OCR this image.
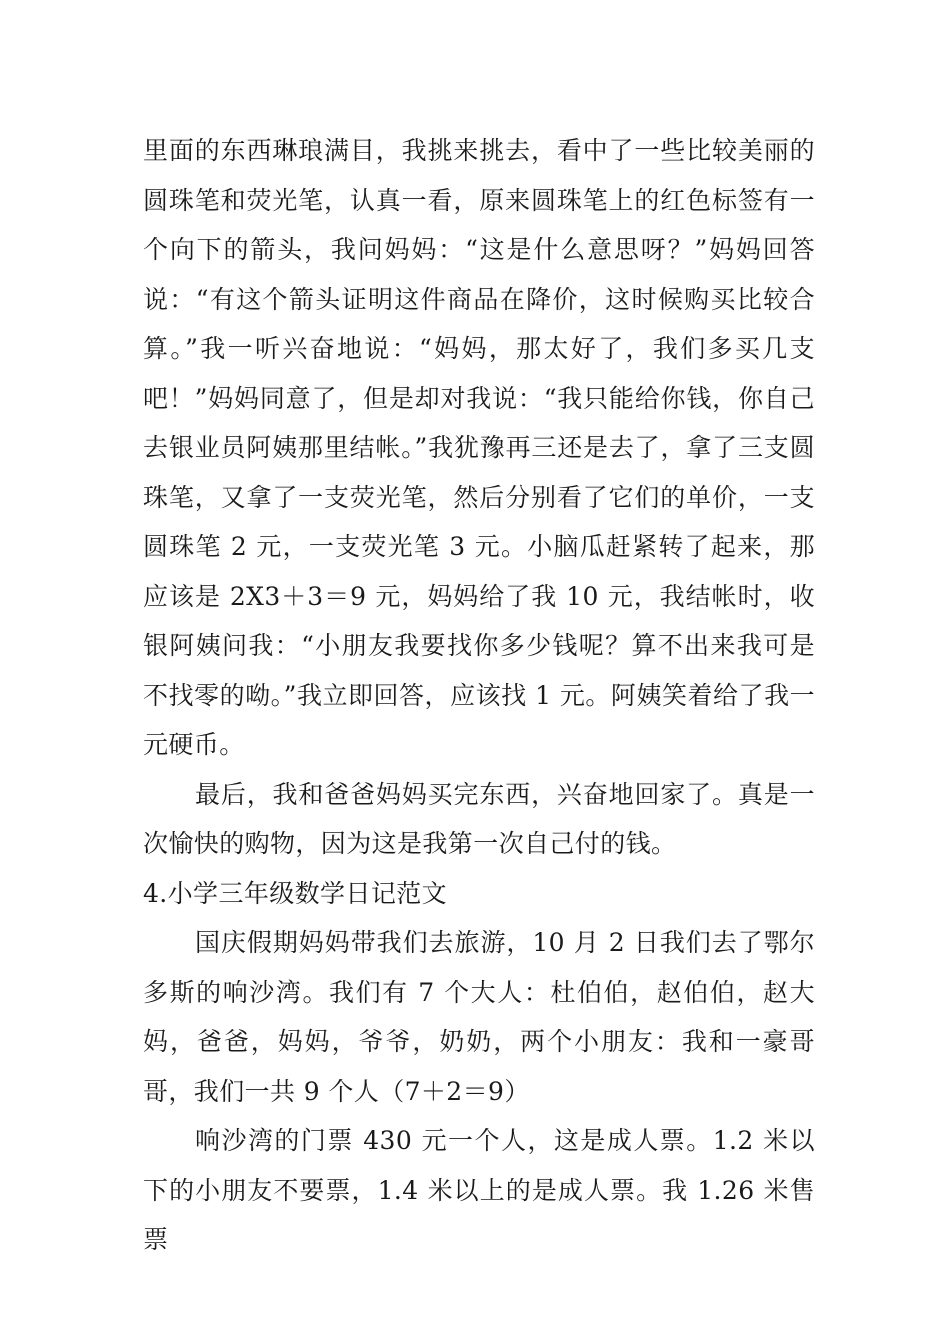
里面的东西琳琅满目，我挑来挑去，看中了一些比较美丽的圆珠笔和荧光笔，认真一看，原来圆珠笔上的红色标签有一个向下的箭头，我问妈妈：“这是什么意思呀？”妈妈回答说：“有这个箭头证明这件商品在降价，这时候购买比较合算。”我一听兴奋地说：“妈妈，那太好了，我们多买几支吧！”妈妈同意了，但是却对我说：“我只能给你钱，你自己去银业员阿姨那里结帐。”我犹豫再三还是去了，拿了三支圆珠笔，又拿了一支荧光笔，然后分别看了它们的单价，一支圆珠笔 2 元，一支荧光笔 3 元。小脑瓜赶紧转了起来，那应该是 2X3＋3＝9 元，妈妈给了我 10 元，我结帐时，收银阿姨问我：“小朋友我要找你多少钱呢？算不出来我可是不找零的呦。”我立即回答，应该找 1 元。阿姨笑着给了我一元硬币。

最后，我和爸爸妈妈买完东西，兴奋地回家了。真是一次愉快的购物，因为这是我第一次自己付的钱。

4.小学三年级数学日记范文

国庆假期妈妈带我们去旅游，10 月 2 日我们去了鄂尔多斯的响沙湾。我们有 7 个大人：杜伯伯，赵伯伯，赵大妈，爸爸，妈妈，爷爷，奶奶，两个小朋友：我和一豪哥哥，我们一共 9 个人（7＋2＝9）

响沙湾的门票 430 元一个人，这是成人票。1.2 米以下的小朋友不要票，1.4 米以上的是成人票。我 1.26 米售票
